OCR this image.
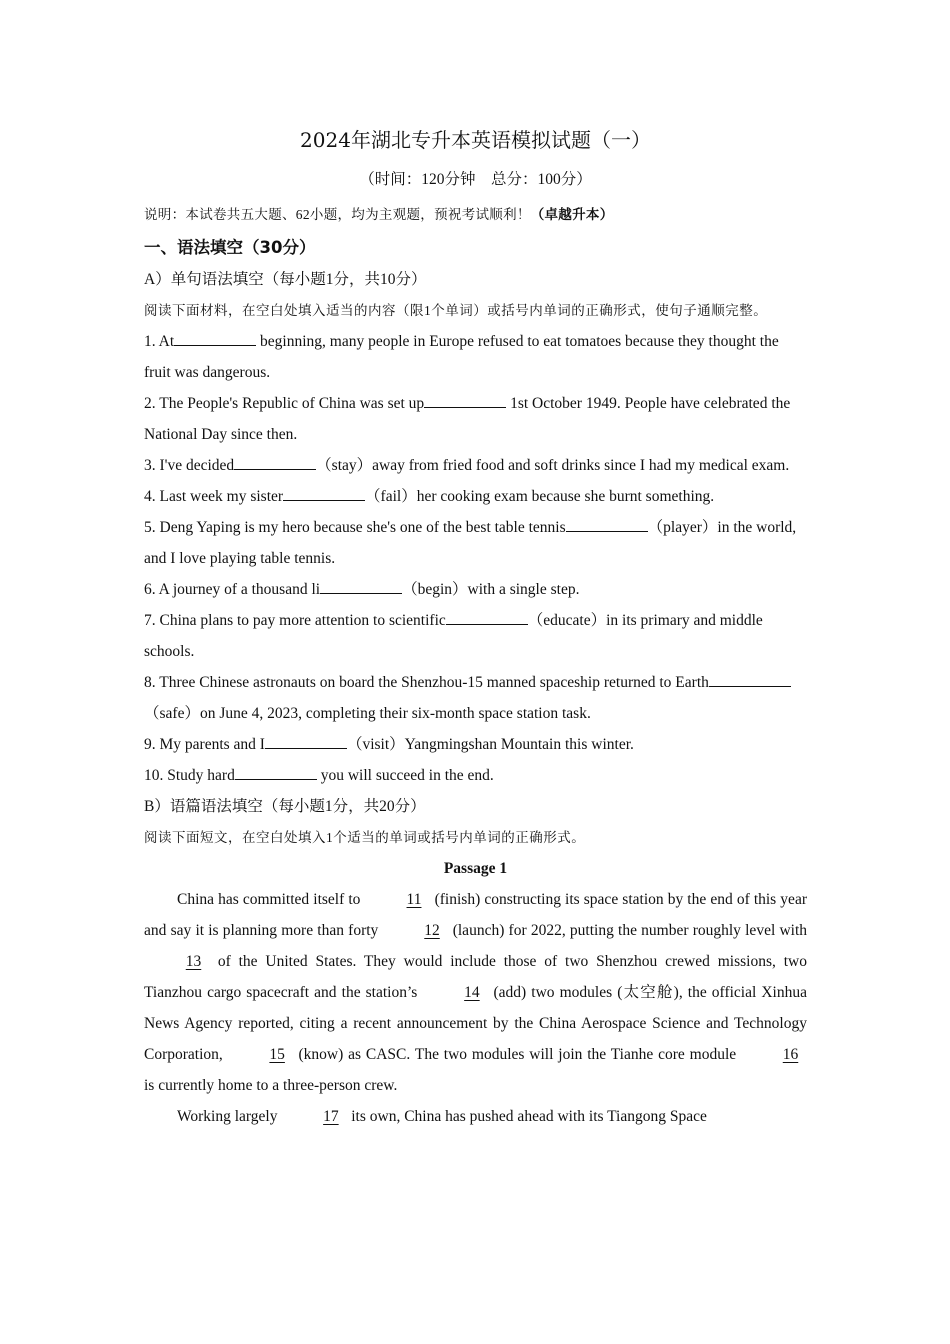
2024年湖北专升本英语模拟试题（一）
（时间：120分钟　总分：100分）
说明：本试卷共五大题、62小题，均为主观题，预祝考试顺利！（卓越升本）
一、语法填空（30分）
A）单句语法填空（每小题1分，共10分）
阅读下面材料，在空白处填入适当的内容（限1个单词）或括号内单词的正确形式，使句子通顺完整。

1. At	beginning, many people in Europe refused to eat tomatoes because they thought the fruit was dangerous.

2. The People's Republic of China was set up	1st October 1949. People have celebrated the National Day since then.

3. I've decided	（stay）away from fried food and soft drinks since I had my medical exam.

4. Last week my sister	（fail）her cooking exam because she burnt something.

5. Deng Yaping is my hero because she's one of the best table tennis	（player）in the world, and I love playing table tennis.

6. A journey of a thousand li	（begin）with a single step.

7. China plans to pay more attention to scientific	（educate）in its primary and middle schools.

8. Three Chinese astronauts on board the Shenzhou-15 manned spaceship returned to Earth（safe）on June 4, 2023, completing their six-month space station task.

9. My parents and I	（visit）Yangmingshan Mountain this winter.

10. Study hard	you will succeed in the end.

B）语篇语法填空（每小题1分，共20分）
阅读下面短文，在空白处填入1个适当的单词或括号内单词的正确形式。
Passage 1

China has committed itself to	11 (finish) constructing its space station by the end of this year and say it is planning more than forty	12 (launch) for 2022, putting the number roughly level with 13 of the United States. They would include those of two Shenzhou crewed missions, two Tianzhou cargo spacecraft and the station’s	14 (add) two modules (太空舱), the official Xinhua News Agency reported, citing a recent announcement by the China Aerospace Science and Technology Corporation,	15 (know) as CASC. The two modules will join the Tianhe core module	16 is currently home to a three-person crew.

Working largely	17 its own, China has pushed ahead with its Tiangong Space
